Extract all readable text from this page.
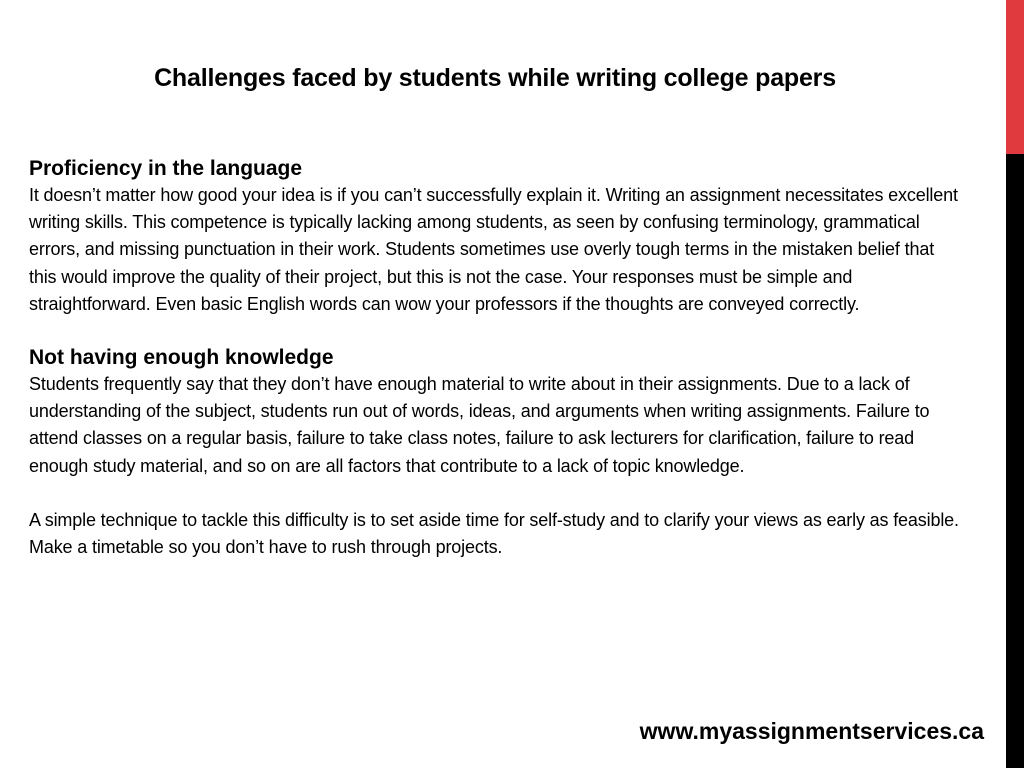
Challenges faced by students while writing college papers

Proficiency in the language

It doesn’t matter how good your idea is if you can’t successfully explain it. Writing an assignment necessitates excellent writing skills. This competence is typically lacking among students, as seen by confusing terminology, grammatical errors, and missing punctuation in their work. Students sometimes use overly tough terms in the mistaken belief that this would improve the quality of their project, but this is not the case. Your responses must be simple and straightforward. Even basic English words can wow your professors if the thoughts are conveyed correctly.

Not having enough knowledge

Students frequently say that they don’t have enough material to write about in their assignments. Due to a lack of understanding of the subject, students run out of words, ideas, and arguments when writing assignments. Failure to attend classes on a regular basis, failure to take class notes, failure to ask lecturers for clarification, failure to read enough study material, and so on are all factors that contribute to a lack of topic knowledge.

A simple technique to tackle this difficulty is to set aside time for self-study and to clarify your views as early as feasible. Make a timetable so you don’t have to rush through projects.

www.myassignmentservices.ca
